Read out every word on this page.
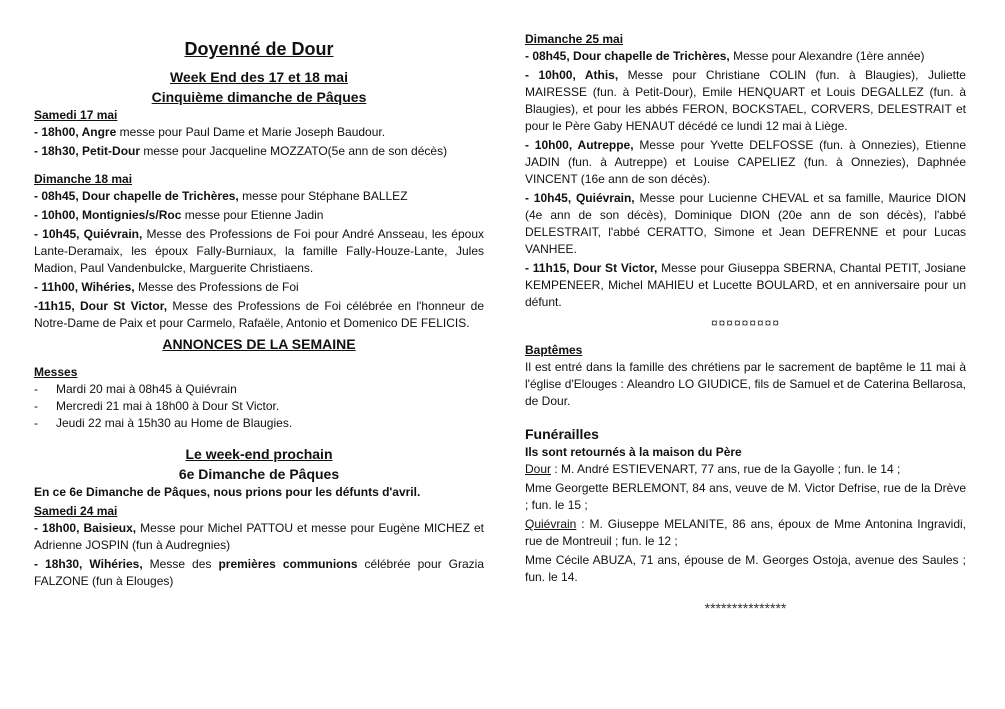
Doyenné de Dour
Week End des 17 et 18 mai
Cinquième dimanche de Pâques
Samedi 17 mai
- 18h00, Angre messe pour Paul Dame et Marie Joseph Baudour.
- 18h30, Petit-Dour messe pour Jacqueline MOZZATO(5e ann de son décès)
Dimanche 18 mai
- 08h45, Dour chapelle de Trichères, messe pour Stéphane BALLEZ
- 10h00, Montignies/s/Roc messe pour Etienne Jadin
- 10h45, Quiévrain, Messe des Professions de Foi pour André Ansseau, les époux Lante-Deramaix, les époux Fally-Burniaux, la famille Fally-Houze-Lante, Jules Madion, Paul Vandenbulcke, Marguerite Christiaens.
- 11h00, Wihéries, Messe des Professions de Foi
-11h15, Dour St Victor, Messe des Professions de Foi célébrée en l'honneur de Notre-Dame de Paix et pour Carmelo, Rafaële, Antonio et Domenico DE FELICIS.
ANNONCES DE LA SEMAINE
Messes
- Mardi 20 mai à 08h45 à Quiévrain
- Mercredi 21 mai à 18h00 à Dour St Victor.
- Jeudi 22 mai à 15h30 au Home de Blaugies.
Le week-end prochain
6e Dimanche de Pâques
En ce 6e Dimanche de Pâques, nous prions pour les défunts d'avril.
Samedi 24 mai
- 18h00, Baisieux, Messe pour Michel PATTOU et messe pour Eugène MICHEZ et Adrienne JOSPIN (fun à Audregnies)
- 18h30, Wihéries, Messe des premières communions célébrée pour Grazia FALZONE (fun à Elouges)
Dimanche 25 mai
- 08h45, Dour chapelle de Trichères, Messe pour Alexandre (1ère année)
- 10h00, Athis, Messe pour Christiane COLIN (fun. à Blaugies), Juliette MAIRESSE (fun. à Petit-Dour), Emile HENQUART et Louis DEGALLEZ (fun. à Blaugies), et pour les abbés FERON, BOCKSTAEL, CORVERS, DELESTRAIT et pour le Père Gaby HENAUT décédé ce lundi 12 mai à Liège.
- 10h00, Autreppe, Messe pour Yvette DELFOSSE (fun. à Onnezies), Etienne JADIN (fun. à Autreppe) et Louise CAPELIEZ (fun. à Onnezies), Daphnée VINCENT (16e ann de son décès).
- 10h45, Quiévrain, Messe pour Lucienne CHEVAL et sa famille, Maurice DION (4e ann de son décès), Dominique DION (20e ann de son décès), l'abbé DELESTRAIT, l'abbé CERATTO, Simone et Jean DEFRENNE et pour Lucas VANHEE.
- 11h15, Dour St Victor, Messe pour Giuseppa SBERNA, Chantal PETIT, Josiane KEMPENEER, Michel MAHIEU et Lucette BOULARD, et en anniversaire pour un défunt.
¤¤¤¤¤¤¤¤¤
Baptêmes
Il est entré dans la famille des chrétiens par le sacrement de baptême le 11 mai à l'église d'Elouges : Aleandro LO GIUDICE, fils de Samuel et de Caterina Bellarosa, de Dour.
Funérailles
Ils sont retournés à la maison du Père
Dour : M. André ESTIEVENART, 77 ans, rue de la Gayolle ; fun. le 14 ;
Mme Georgette BERLEMONT, 84 ans, veuve de M. Victor Defrise, rue de la Drève ; fun. le 15 ;
Quiévrain : M. Giuseppe MELANITE, 86 ans, époux de Mme Antonina Ingravidi, rue de Montreuil ; fun. le 12 ;
Mme Cécile ABUZA, 71 ans, épouse de M. Georges Ostoja, avenue des Saules ; fun. le 14.
***************
